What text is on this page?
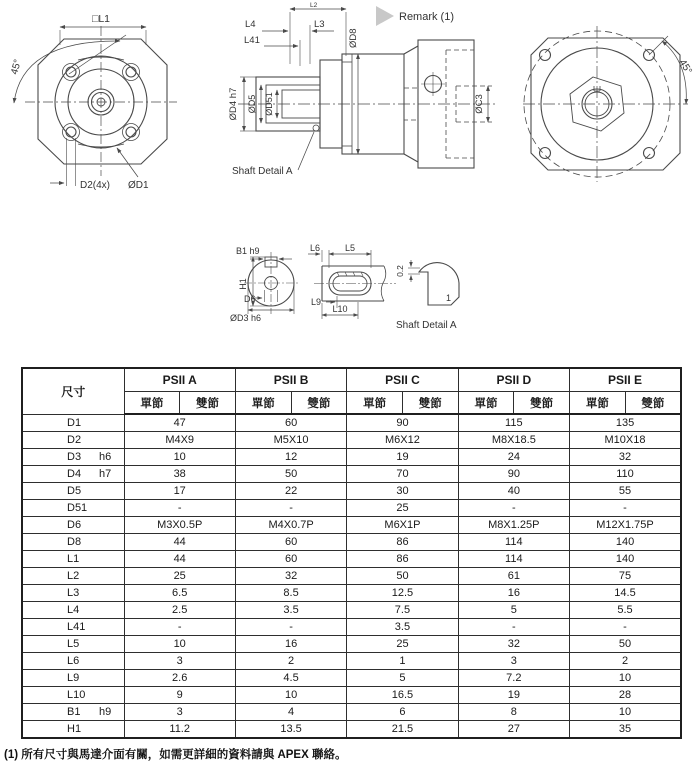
□L1
45°
D2(4x) ØD1
L2
L4	L3
L41	ØD8
ØD4 h7 ØD5 ØD51	ØC3
Remark (1)
Shaft Detail A
45°
B1 h9
H1
D6
ØD3 h6
L6	L5
L9
L10
0.2
1
Shaft Detail A
尺寸	PSII A		PSII B		PSII C		PSII D		PSII E	
	單節	雙節	單節	雙節	單節	雙節	單節	雙節	單節	雙節
D1	47		60		90		115		135	
D2	M4X9		M5X10		M6X12		M8X18.5		M10X18	
D3 h6	10		12		19		24		32	
D4 h7	38		50		70		90		110	
D5	17		22		30		40		55	
D51	-		-		25		-		-	
D6	M3X0.5P		M4X0.7P		M6X1P		M8X1.25P		M12X1.75P	
D8	44		60		86		114		140	
L1	44		60		86		114		140	
L2	25		32		50		61		75	
L3	6.5		8.5		12.5		16		14.5	
L4	2.5		3.5		7.5		5		5.5	
L41	-		-		3.5		-		-	
L5	10		16		25		32		50	
L6	3		2		1		3		2	
L9	2.6		4.5		5		7.2		10	
L10	9		10		16.5		19		28	
B1 h9	3		4		6		8		10	
H1	11.2		13.5		21.5		27		35	
(1) 所有尺寸與馬達介面有關，如需更詳細的資料請與 APEX 聯絡。
